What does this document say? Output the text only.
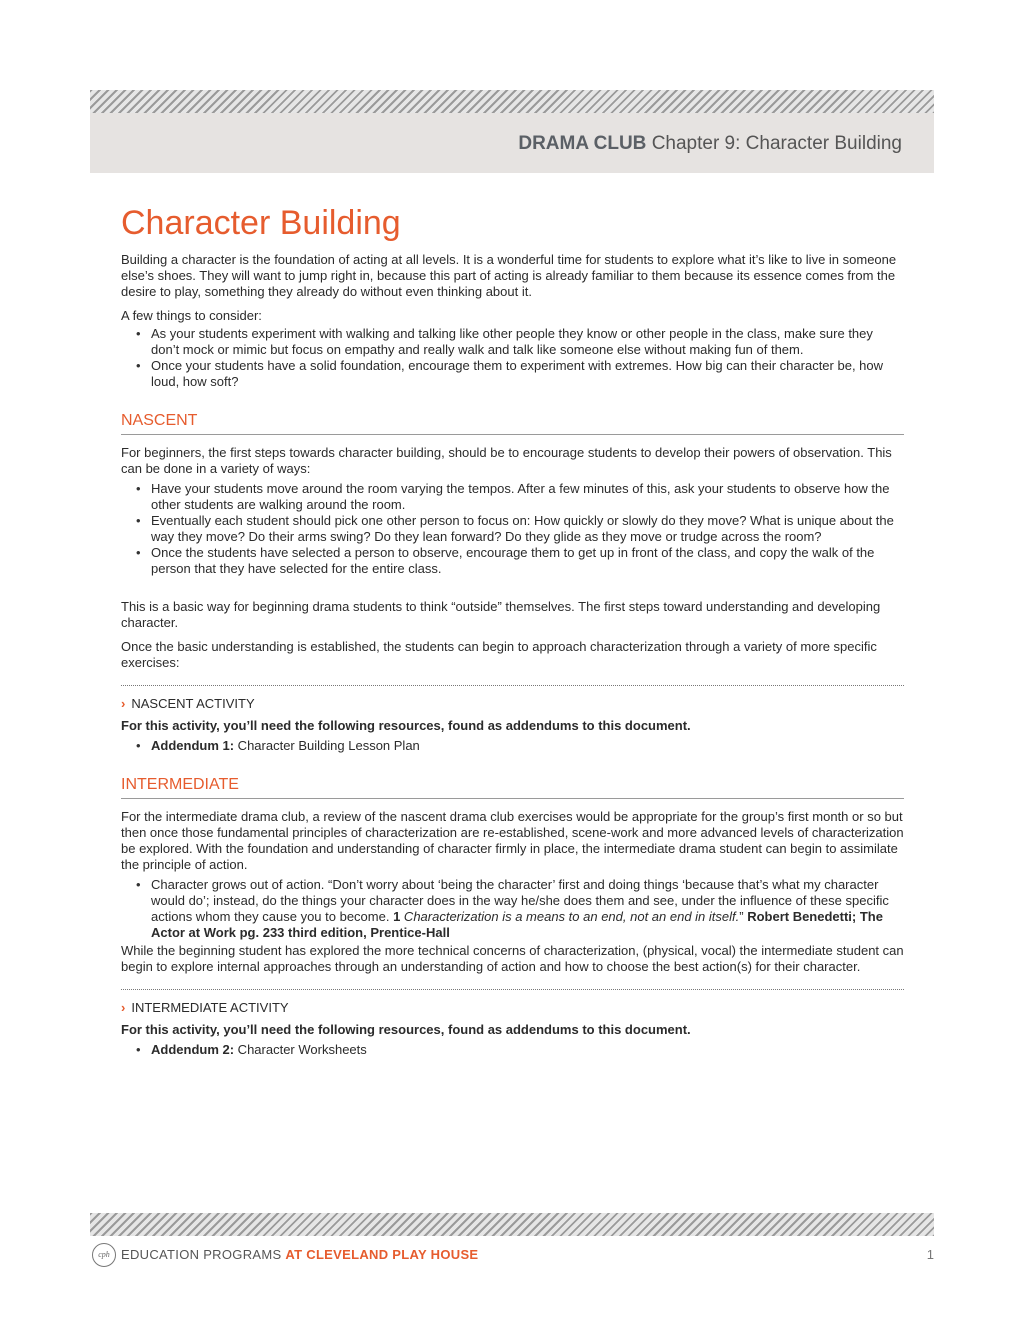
DRAMA CLUB Chapter 9: Character Building
Character Building

Building a character is the foundation of acting at all levels. It is a wonderful time for students to explore what it’s like to live in someone else’s shoes. They will want to jump right in, because this part of acting is already familiar to them because its essence comes from the desire to play, something they already do without even thinking about it.

A few things to consider:

• As your students experiment with walking and talking like other people they know or other people in the class, make sure they don’t mock or mimic but focus on empathy and really walk and talk like someone else without making fun of them.
• Once your students have a solid foundation, encourage them to experiment with extremes. How big can their character be, how loud, how soft?
NASCENT

For beginners, the first steps towards character building, should be to encourage students to develop their powers of observation. This can be done in a variety of ways:

• Have your students move around the room varying the tempos. After a few minutes of this, ask your students to observe how the other students are walking around the room.
• Eventually each student should pick one other person to focus on: How quickly or slowly do they move? What is unique about the way they move? Do their arms swing? Do they lean forward? Do they glide as they move or trudge across the room?
• Once the students have selected a person to observe, encourage them to get up in front of the class, and copy the walk of the person that they have selected for the entire class.

This is a basic way for beginning drama students to think “outside” themselves. The first steps toward understanding and developing character.

Once the basic understanding is established, the students can begin to approach characterization through a variety of more specific exercises:

› NASCENT ACTIVITY

For this activity, you’ll need the following resources, found as addendums to this document.

• Addendum 1: Character Building Lesson Plan
INTERMEDIATE

For the intermediate drama club, a review of the nascent drama club exercises would be appropriate for the group’s first month or so but then once those fundamental principles of characterization are re-established, scene-work and more advanced levels of characterization be explored. With the foundation and understanding of character firmly in place, the intermediate drama student can begin to assimilate the principle of action.

• Character grows out of action. “Don’t worry about ‘being the character’ first and doing things ‘because that’s what my character would do’; instead, do the things your character does in the way he/she does them and see, under the influence of these specific actions whom they cause you to become. 1 Characterization is a means to an end, not an end in itself.” Robert Benedetti; The Actor at Work pg. 233 third edition, Prentice-Hall

While the beginning student has explored the more technical concerns of characterization, (physical, vocal) the intermediate student can begin to explore internal approaches through an understanding of action and how to choose the best action(s) for their character.

› INTERMEDIATE ACTIVITY

For this activity, you’ll need the following resources, found as addendums to this document.

• Addendum 2: Character Worksheets
cph EDUCATION PROGRAMS AT CLEVELAND PLAY HOUSE	1
